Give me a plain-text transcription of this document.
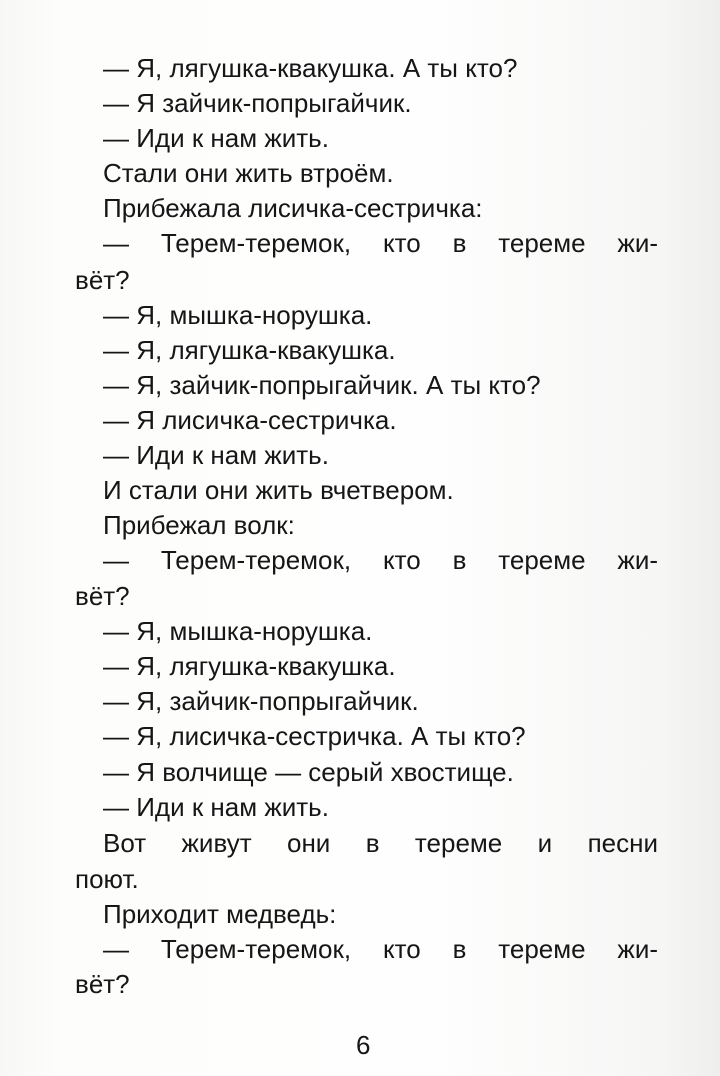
— Я, лягушка-квакушка. А ты кто?
— Я зайчик-попрыгайчик.
— Иди к нам жить.
Стали они жить втроём.
Прибежала лисичка-сестричка:
— Терем-теремок, кто в тереме жи-
вёт?
— Я, мышка-норушка.
— Я, лягушка-квакушка.
— Я, зайчик-попрыгайчик. А ты кто?
— Я лисичка-сестричка.
— Иди к нам жить.
И стали они жить вчетвером.
Прибежал волк:
— Терем-теремок, кто в тереме жи-
вёт?
— Я, мышка-норушка.
— Я, лягушка-квакушка.
— Я, зайчик-попрыгайчик.
— Я, лисичка-сестричка. А ты кто?
— Я волчище — серый хвостище.
— Иди к нам жить.
Вот живут они в тереме и песни
поют.
Приходит медведь:
— Терем-теремок, кто в тереме жи-
вёт?
6
